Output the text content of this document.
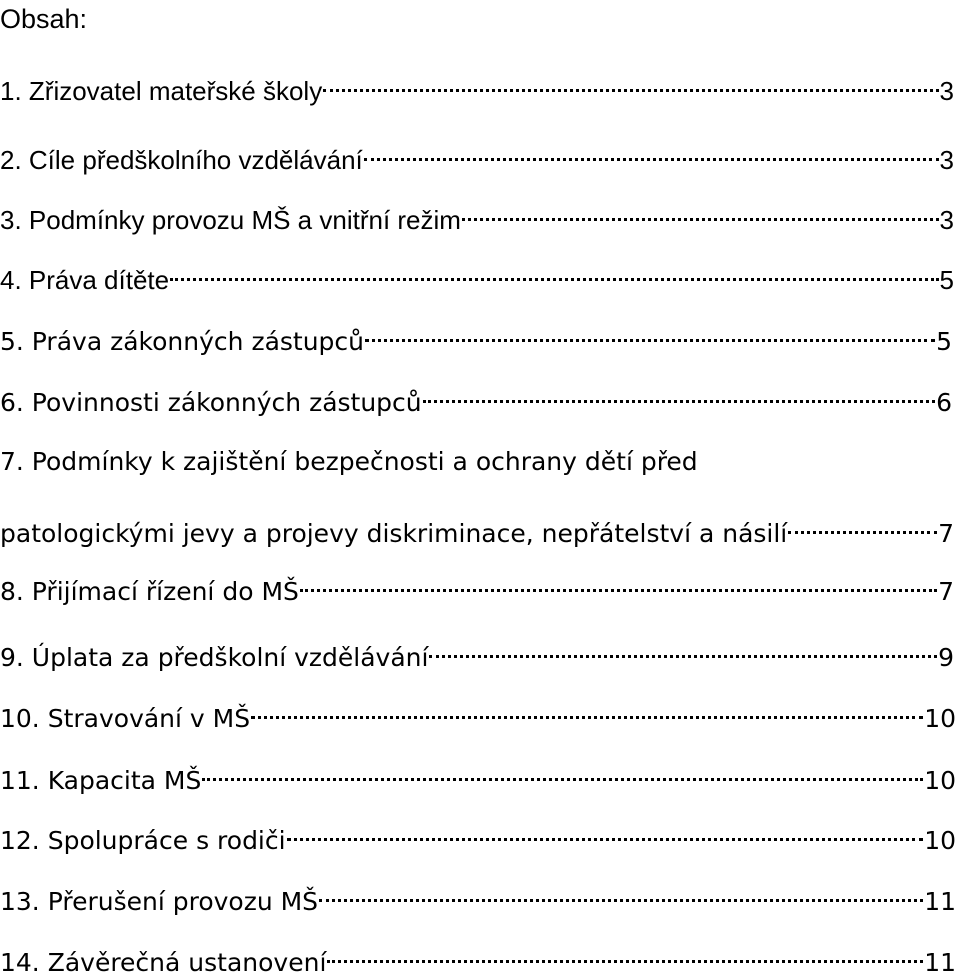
Obsah:
1. Zřizovatel mateřské školy	3
2. Cíle předškolního vzdělávání	3
3. Podmínky provozu MŠ a vnitřní režim	3
4. Práva dítěte	5
5. Práva zákonných zástupců	5
6. Povinnosti zákonných zástupců	6
7. Podmínky k zajištění bezpečnosti a ochrany dětí před
patologickými jevy a projevy diskriminace, nepřátelství a násilí	7
8. Přijímací řízení do MŠ	7
9. Úplata za předškolní vzdělávání	9
10. Stravování v MŠ	10
11. Kapacita MŠ	10
12. Spolupráce s rodiči	10
13. Přerušení provozu MŠ	11
14. Závěrečná ustanovení	11
